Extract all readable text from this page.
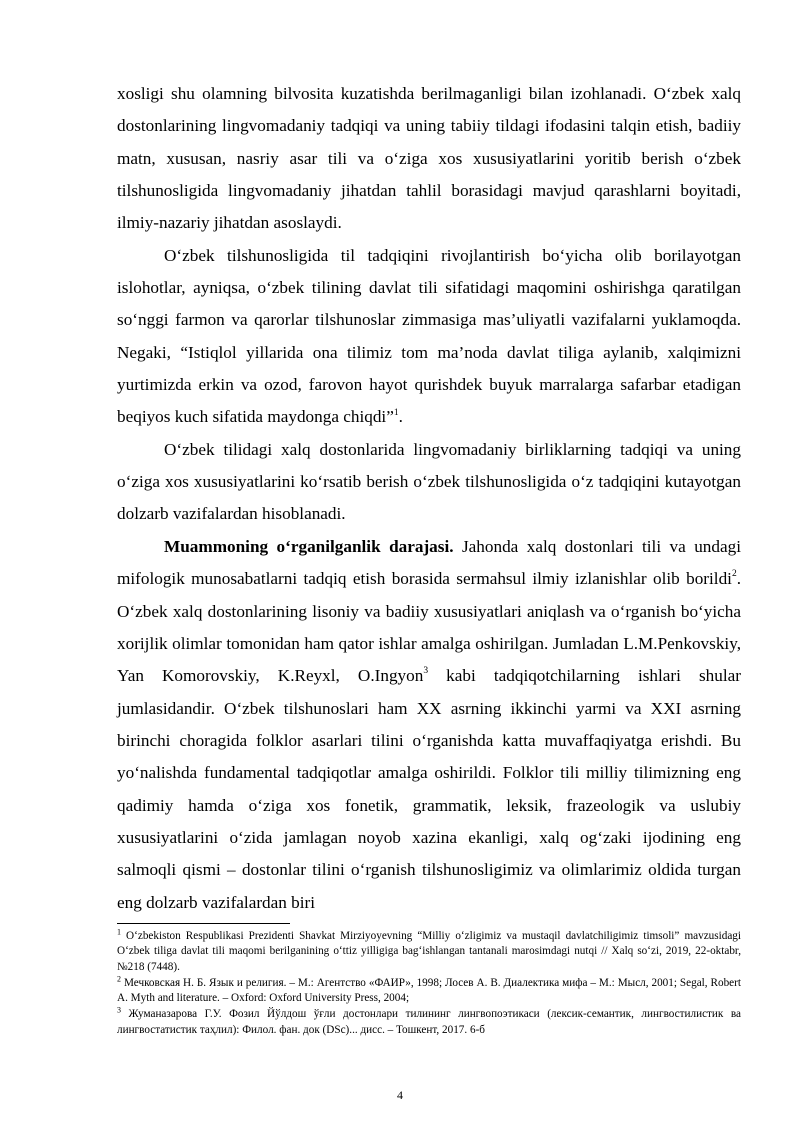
xosligi shu olamning bilvosita kuzatishda berilmaganligi bilan izohlanadi. O‘zbek xalq dostonlarining lingvomadaniy tadqiqi va uning tabiiy tildagi ifodasini talqin etish, badiiy matn, xususan, nasriy asar tili va o‘ziga xos xususiyatlarini yoritib berish o‘zbek tilshunosligida lingvomadaniy jihatdan tahlil borasidagi mavjud qarashlarni boyitadi, ilmiy-nazariy jihatdan asoslaydi.

O‘zbek tilshunosligida til tadqiqini rivojlantirish bo‘yicha olib borilayotgan islohotlar, ayniqsa, o‘zbek tilining davlat tili sifatidagi maqomini oshirishga qaratilgan so‘nggi farmon va qarorlar tilshunoslar zimmasiga mas’uliyatli vazifalarni yuklamoqda. Negaki, “Istiqlol yillarida ona tilimiz tom ma’noda davlat tiliga aylanib, xalqimizni yurtimizda erkin va ozod, farovon hayot qurishdek buyuk marralarga safarbar etadigan beqiyos kuch sifatida maydonga chiqdi”$^1$.

O‘zbek tilidagi xalq dostonlarida lingvomadaniy birliklarning tadqiqi va uning o‘ziga xos xususiyatlarini ko‘rsatib berish o‘zbek tilshunosligida o‘z tadqiqini kutayotgan dolzarb vazifalardan hisoblanadi.

Muammoning o‘rganilganlik darajasi. Jahonda xalq dostonlari tili va undagi mifologik munosabatlarni tadqiq etish borasida sermahsul ilmiy izlanishlar olib borildi$^2$. O‘zbek xalq dostonlarining lisoniy va badiiy xususiyatlari aniqlash va o‘rganish bo‘yicha xorijlik olimlar tomonidan ham qator ishlar amalga oshirilgan. Jumladan L.M.Penkovskiy, Yan Komorovskiy, K.Reyxl, O.Ingyon$^3$ kabi tadqiqotchilarning ishlari shular jumlasidandir. O‘zbek tilshunoslari ham XX asrning ikkinchi yarmi va XXI asrning birinchi choragida folklor asarlari tilini o‘rganishda katta muvaffaqiyatga erishdi. Bu yo‘nalishda fundamental tadqiqotlar amalga oshirildi. Folklor tili milliy tilimizning eng qadimiy hamda o‘ziga xos fonetik, grammatik, leksik, frazeologik va uslubiy xususiyatlarini o‘zida jamlagan noyob xazina ekanligi, xalq og‘zaki ijodining eng salmoqli qismi – dostonlar tilini o‘rganish tilshunosligimiz va olimlarimiz oldida turgan eng dolzarb vazifalardan biri

$^1$ O‘zbekiston Respublikasi Prezidenti Shavkat Mirziyoyevning “Milliy o‘zligimiz va mustaqil davlatchiligimiz timsoli” mavzusidagi O‘zbek tiliga davlat tili maqomi berilganining o‘ttiz yilligiga bag‘ishlangan tantanali marosimdagi nutqi // Xalq so‘zi, 2019, 22-oktabr, №218 (7448).

$^2$ Мечковская Н. Б. Язык и религия. – М.: Агентство «ФАИР», 1998; Лосев А. В. Диалектика мифа – М.: Мысл, 2001; Segal, Robert A. Myth and literature. – Oxford: Oxford University Press, 2004;

$^3$ Жуманазарова Г.У. Фозил Йўлдош ўғли достонлари тилининг лингвопоэтикаси (лексик-семантик, лингвостилистик ва лингвостатистик таҳлил): Филол. фан. док (DSc)... дисс. – Тошкент, 2017. 6-б

4
